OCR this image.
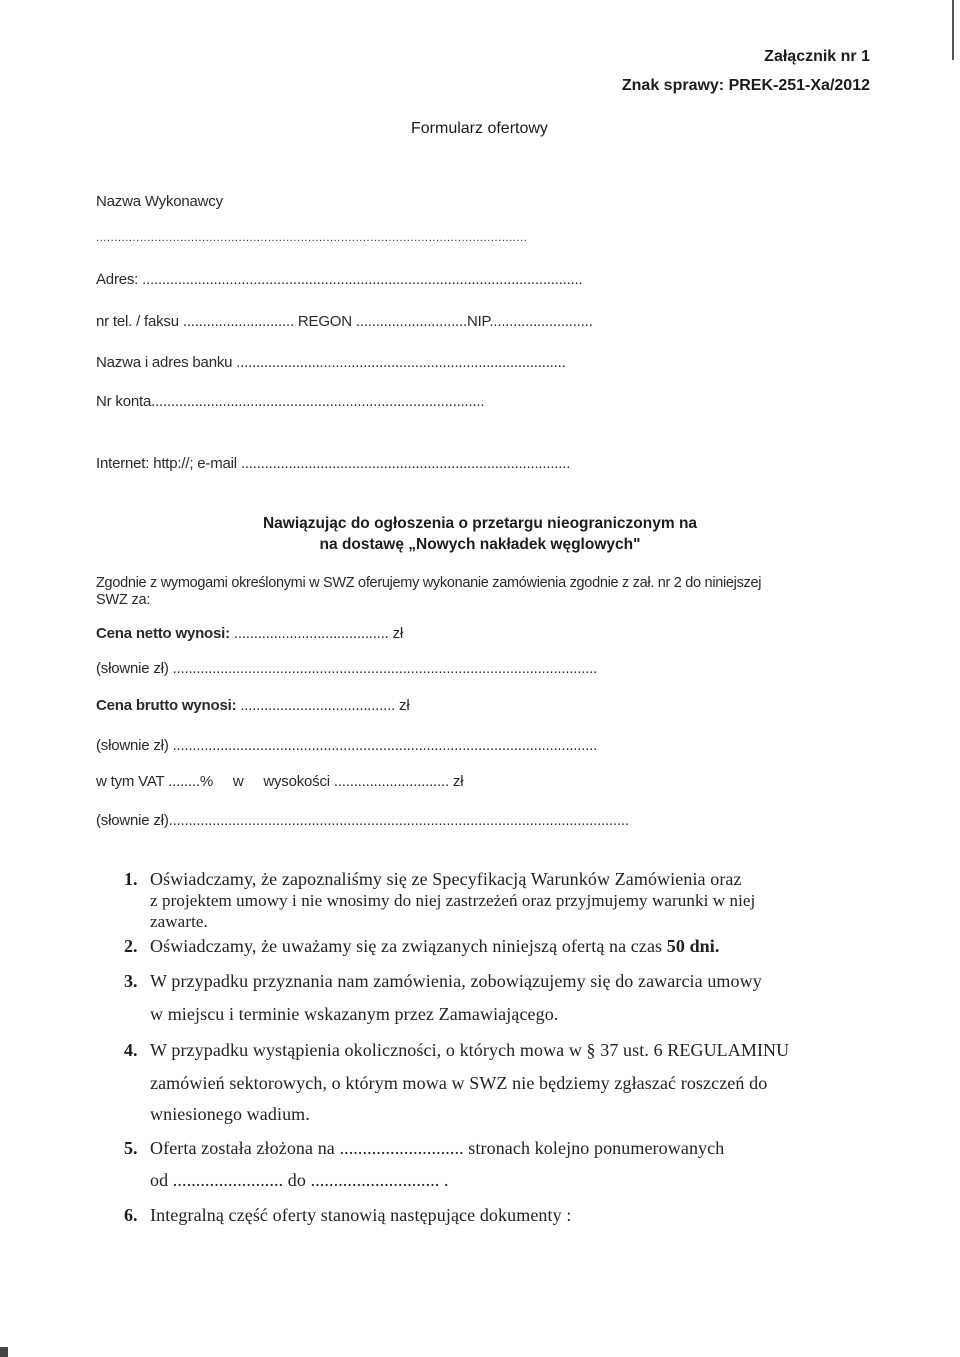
Załącznik nr 1
Znak sprawy: PREK-251-Xa/2012
Formularz ofertowy
Nazwa Wykonawcy
......................................................................................................................
Adres: ...............................................................................................................
nr tel. / faksu ............................ REGON ............................NIP..........................
Nazwa i adres banku ...................................................................................
Nr konta....................................................................................
Internet: http://; e-mail ...................................................................................
Nawiązując do ogłoszenia o przetargu nieograniczonym na
na dostawę „Nowych nakładek węglowych"
Zgodnie z wymogami określonymi w SWZ oferujemy wykonanie zamówienia zgodnie z zał. nr 2 do niniejszej
SWZ za:
Cena netto wynosi: ....................................... zł
(słownie zł) ...........................................................................................................
Cena brutto wynosi: ....................................... zł
(słownie zł) ...........................................................................................................
w tym VAT ........%     w     wysokości ............................. zł
(słownie zł)....................................................................................................................
1. Oświadczamy, że zapoznaliśmy się ze Specyfikacją Warunków Zamówienia oraz
z projektem umowy i nie wnosimy do niej zastrzeżeń oraz przyjmujemy warunki w niej
zawarte.
2. Oświadczamy, że uważamy się za związanych niniejszą ofertą na czas 50 dni.
3. W przypadku przyznania nam zamówienia, zobowiązujemy się do zawarcia umowy
w miejscu i terminie wskazanym przez Zamawiającego.
4. W przypadku wystąpienia okoliczności, o których mowa w § 37 ust. 6 REGULAMINU
zamówień sektorowych, o którym mowa w SWZ nie będziemy zgłaszać roszczeń do
wniesionego wadium.
5. Oferta została złożona na ........................... stronach kolejno ponumerowanych
od ........................ do ............................ .
6. Integralną część oferty stanowią następujące dokumenty :
